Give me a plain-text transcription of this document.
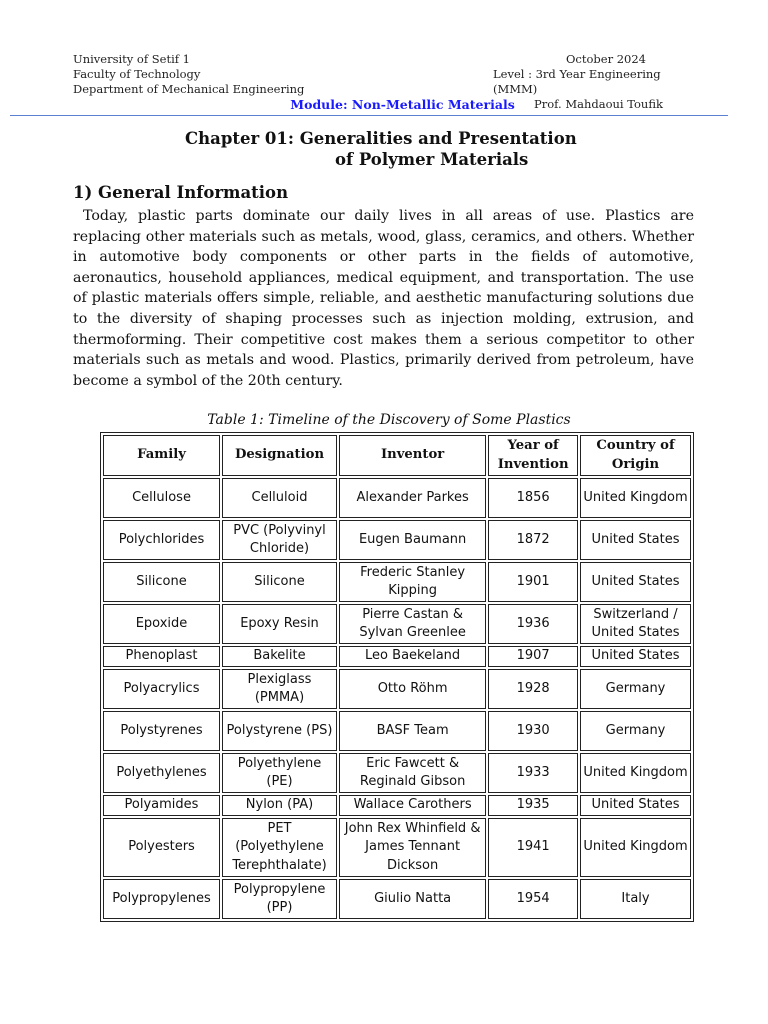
University of Setif 1
Faculty of Technology
Department of Mechanical Engineering
October 2024
Level : 3rd Year Engineering (MMM)
Prof. Mahdaoui Toufik
Module: Non-Metallic Materials
Chapter 01: Generalities and Presentation
of Polymer Materials
1) General Information
Today, plastic parts dominate our daily lives in all areas of use. Plastics are replacing other materials such as metals, wood, glass, ceramics, and others. Whether in automotive body components or other parts in the fields of automotive, aeronautics, household appliances, medical equipment, and transportation. The use of plastic materials offers simple, reliable, and aesthetic manufacturing solutions due to the diversity of shaping processes such as injection molding, extrusion, and thermoforming. Their competitive cost makes them a serious competitor to other materials such as metals and wood. Plastics, primarily derived from petroleum, have become a symbol of the 20th century.
Table 1: Timeline of the Discovery of Some Plastics
Family	Designation	Inventor	Year of Invention	Country of Origin
Cellulose	Celluloid	Alexander Parkes	1856	United Kingdom
Polychlorides	PVC (Polyvinyl Chloride)	Eugen Baumann	1872	United States
Silicone	Silicone	Frederic Stanley Kipping	1901	United States
Epoxide	Epoxy Resin	Pierre Castan & Sylvan Greenlee	1936	Switzerland / United States
Phenoplast	Bakelite	Leo Baekeland	1907	United States
Polyacrylics	Plexiglass (PMMA)	Otto Röhm	1928	Germany
Polystyrenes	Polystyrene (PS)	BASF Team	1930	Germany
Polyethylenes	Polyethylene (PE)	Eric Fawcett & Reginald Gibson	1933	United Kingdom
Polyamides	Nylon (PA)	Wallace Carothers	1935	United States
Polyesters	PET (Polyethylene Terephthalate)	John Rex Whinfield & James Tennant Dickson	1941	United Kingdom
Polypropylenes	Polypropylene (PP)	Giulio Natta	1954	Italy
